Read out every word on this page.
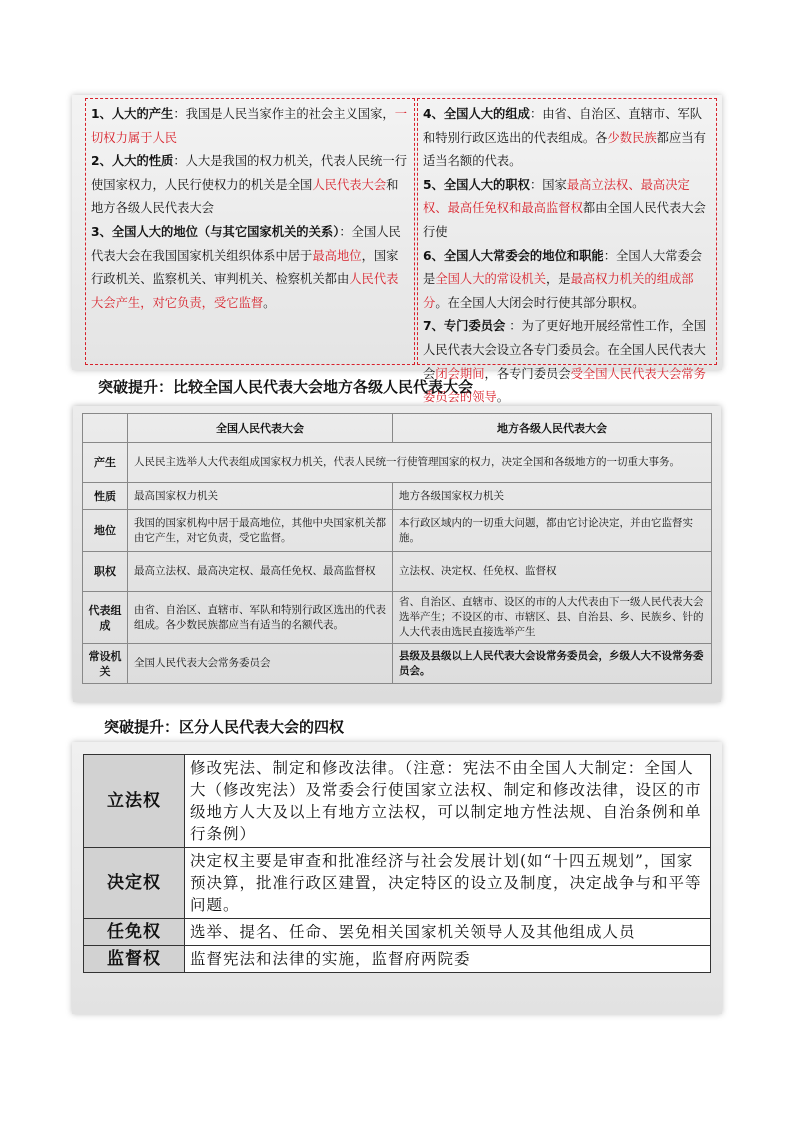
1、人大的产生：我国是人民当家作主的社会主义国家，一切权力属于人民

2、人大的性质：人大是我国的权力机关，代表人民统一行使国家权力，人民行使权力的机关是全国人民代表大会和地方各级人民代表大会

3、全国人大的地位（与其它国家机关的关系）：全国人民代表大会在我国国家机关组织体系中居于最高地位，国家行政机关、监察机关、审判机关、检察机关都由人民代表大会产生，对它负责，受它监督。

4、全国人大的组成：由省、自治区、直辖市、军队和特别行政区选出的代表组成。各少数民族都应当有适当名额的代表。

5、全国人大的职权：国家最高立法权、最高决定权、最高任免权和最高监督权都由全国人民代表大会行使

6、全国人大常委会的地位和职能：全国人大常委会是全国人大的常设机关，是最高权力机关的组成部分。在全国人大闭会时行使其部分职权。

7、专门委员会 ：为了更好地开展经常性工作，全国人民代表大会设立各专门委员会。在全国人民代表大会闭会期间，各专门委员会受全国人民代表大会常务委员会的领导。

突破提升：比较全国人民代表大会地方各级人民代表大会
	全国人民代表大会	地方各级人民代表大会
产生	人民民主选举人大代表组成国家权力机关，代表人民统一行使管理国家的权力，决定全国和各级地方的一切重大事务。	
性质	最高国家权力机关	地方各级国家权力机关
地位	我国的国家机构中居于最高地位，其他中央国家机关都由它产生，对它负责，受它监督。	本行政区域内的一切重大问题，都由它讨论决定，并由它监督实施。
职权	最高立法权、最高决定权、最高任免权、最高监督权	立法权、决定权、任免权、监督权
代表组成	由省、自治区、直辖市、军队和特别行政区选出的代表组成。各少数民族都应当有适当的名额代表。	省、自治区、直辖市、设区的市的人大代表由下一级人民代表大会选举产生；不设区的市、市辖区、县、自治县、乡、民族乡、针的人大代表由选民直接选举产生
常设机关	全国人民代表大会常务委员会	县级及县级以上人民代表大会设常务委员会，乡级人大不设常务委员会。
突破提升：区分人民代表大会的四权
立法权	修改宪法、制定和修改法律。（注意：宪法不由全国人大制定：全国人大（修改宪法）及常委会行使国家立法权、制定和修改法律，设区的市级地方人大及以上有地方立法权，可以制定地方性法规、自治条例和单行条例）
决定权	决定权主要是审查和批准经济与社会发展计划(如“十四五规划”，国家预决算，批准行政区建置，决定特区的设立及制度，决定战争与和平等问题。
任免权	选举、提名、任命、罢免相关国家机关领导人及其他组成人员
监督权	监督宪法和法律的实施，监督府两院委
